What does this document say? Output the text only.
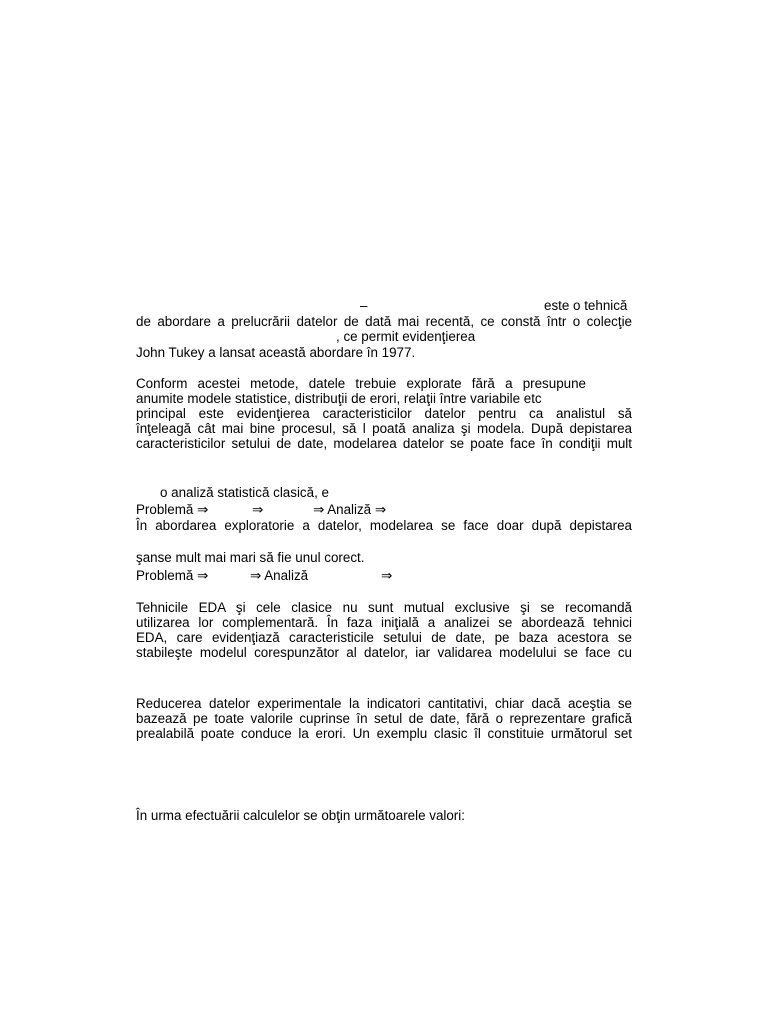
–	este o tehnică
de abordare a prelucrării datelor de dată mai recentă, ce constă într o colecţie
, ce permit evidenţierea
John Tukey a lansat această abordare în 1977.
Conform acestei metode, datele trebuie explorate fără a presupune
anumite modele statistice, distribuţii de erori, relaţii între variabile etc
principal este evidenţierea caracteristicilor datelor pentru ca analistul să
înţeleagă cât mai bine procesul, să l poată analiza şi modela. După depistarea
caracteristicilor setului de date, modelarea datelor se poate face în condiţii mult
o analiză statistică clasică, e
Problemă ⇒	⇒	⇒ Analiză ⇒
În abordarea exploratorie a datelor, modelarea se face doar după depistarea
şanse mult mai mari să fie unul corect.
Problemă ⇒	⇒ Analiză	⇒
Tehnicile EDA şi cele clasice nu sunt mutual exclusive şi se recomandă
utilizarea lor complementară. În faza iniţială a analizei se abordează tehnici
EDA, care evidenţiază caracteristicile setului de date, pe baza acestora se
stabileşte modelul corespunzător al datelor, iar validarea modelului se face cu
Reducerea datelor experimentale la indicatori cantitativi, chiar dacă aceştia se
bazează pe toate valorile cuprinse în setul de date, fără o reprezentare grafică
prealabilă poate conduce la erori. Un exemplu clasic îl constituie următorul set
În urma efectuării calculelor se obţin următoarele valori:
